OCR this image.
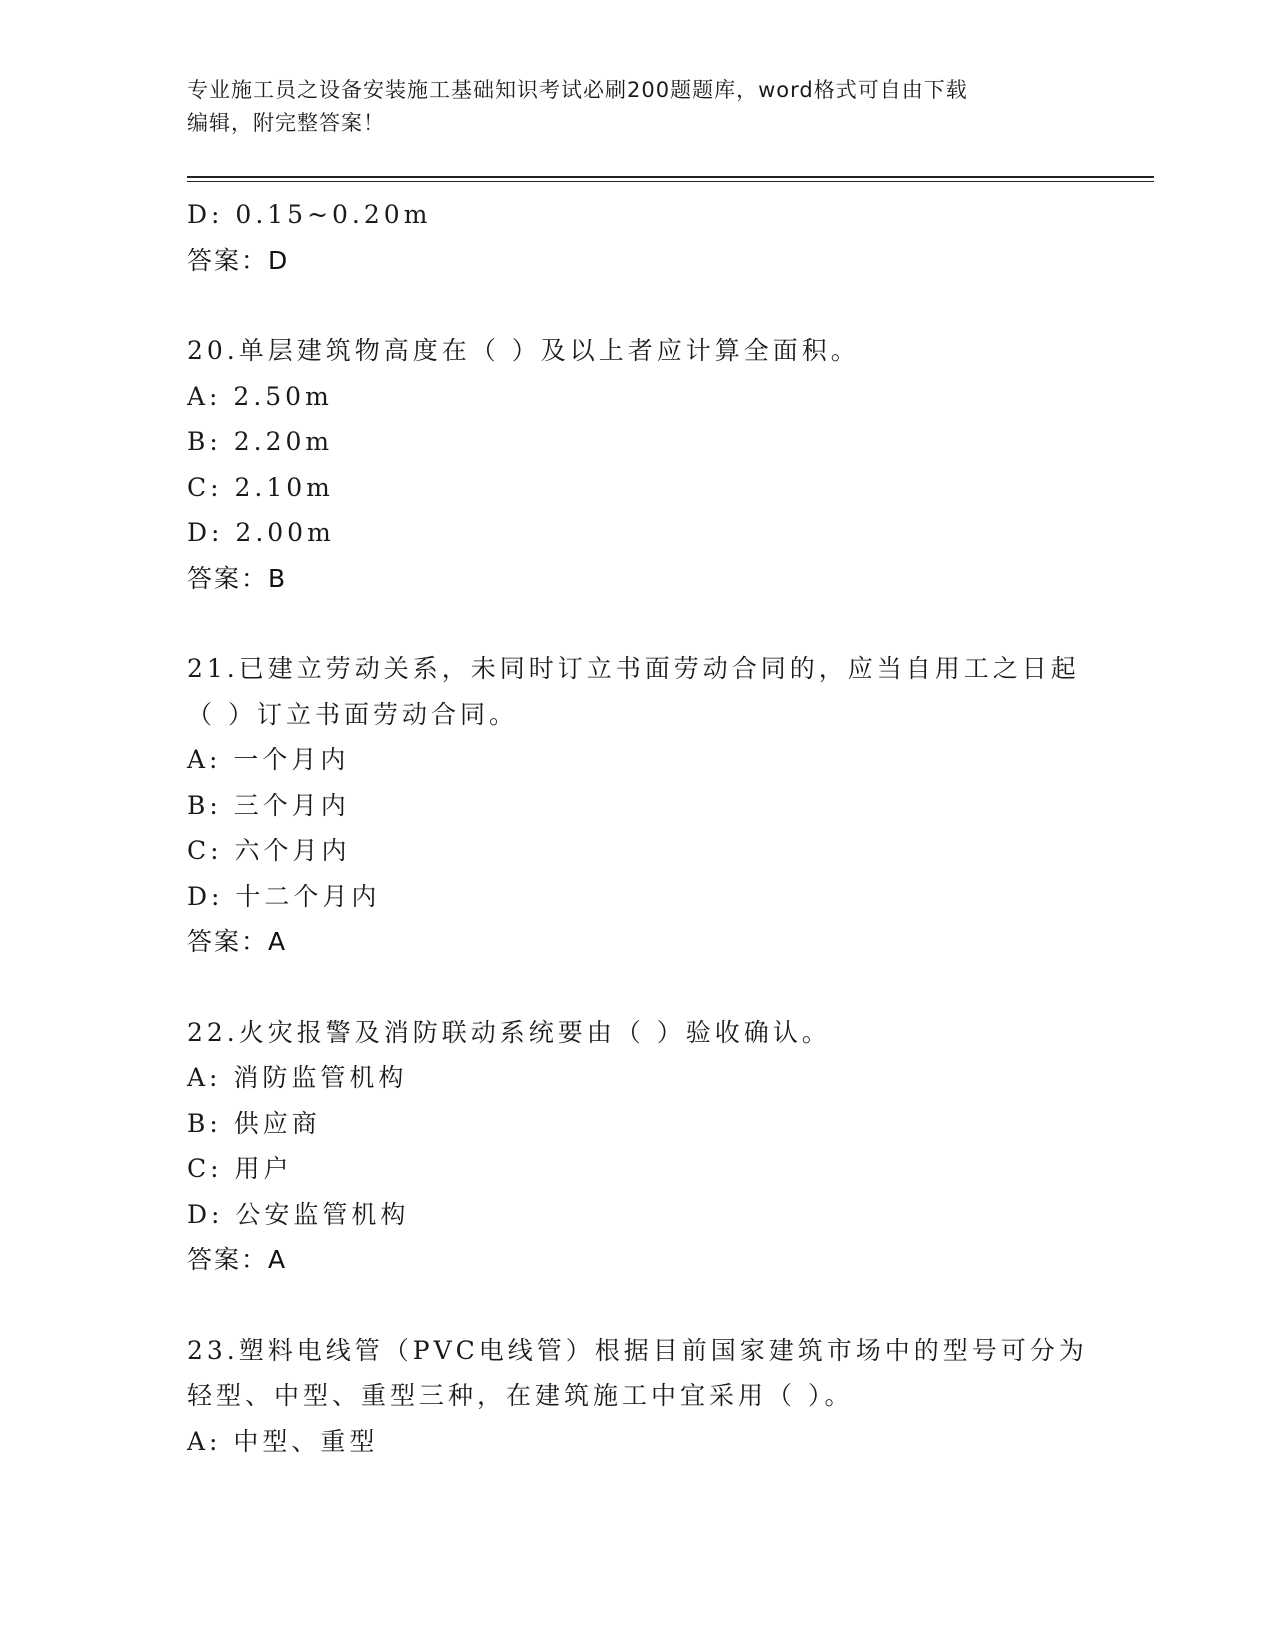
专业施工员之设备安装施工基础知识考试必刷200题题库，word格式可自由下载
编辑，附完整答案！
D: 0.15~0.20m
答案：D
20.单层建筑物高度在（ ）及以上者应计算全面积。
A: 2.50m
B: 2.20m
C: 2.10m
D: 2.00m
答案：B
21.已建立劳动关系，未同时订立书面劳动合同的，应当自用工之日起
（ ）订立书面劳动合同。
A: 一个月内
B: 三个月内
C: 六个月内
D: 十二个月内
答案：A
22.火灾报警及消防联动系统要由（ ）验收确认。
A: 消防监管机构
B: 供应商
C: 用户
D: 公安监管机构
答案：A
23.塑料电线管（PVC电线管）根据目前国家建筑市场中的型号可分为
轻型、中型、重型三种，在建筑施工中宜采用（ ）。
A: 中型、重型
